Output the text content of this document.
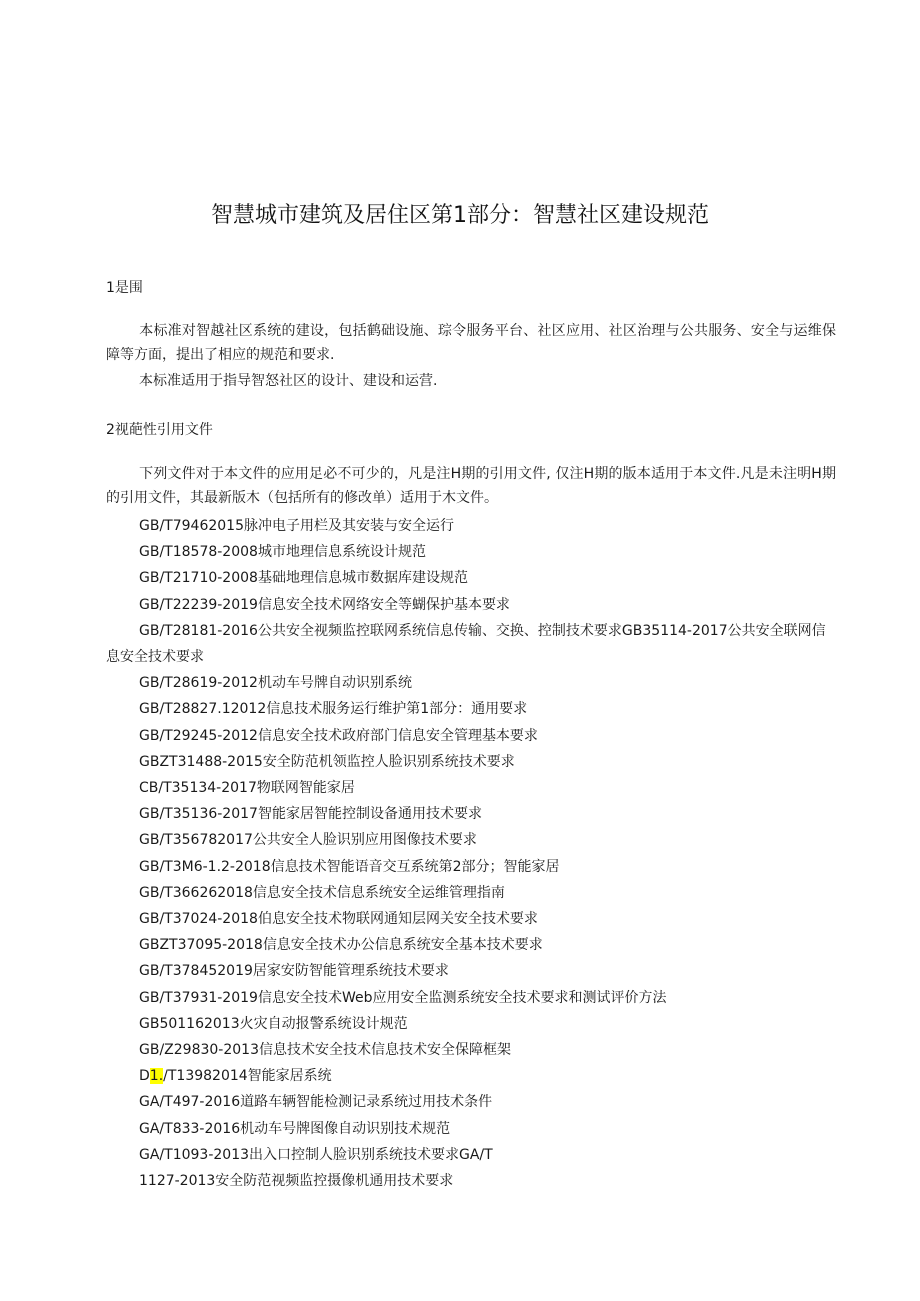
智慧城市建筑及居住区第1部分：智慧社区建设规范
1是围
本标准对智越社区系统的建设，包括鹤础设施、琮令服务平台、社区应用、社区治理与公共服务、安全与运维保障等方面，提出了相应的规范和要求.
本标准适用于指导智怒社区的设计、建设和运营.
2视葩性引用文件
下列文件对于本文件的应用足必不可少的，凡是注H期的引用文件, 仅注H期的版本适用于本文件.凡是未注明H期的引用文件，其最新版木（包括所有的修改单）适用于木文件。
GB/T79462015脉冲电子用栏及其安装与安全运行
GB/T18578-2008城市地理信息系统设计规范
GB/T21710-2008基础地理信息城市数据库建设规范
GB/T22239-2019信息安全技术网络安全等蝴保护基本要求
GB/T28181-2016公共安全视频监控联网系统信息传输、交换、控制技术要求GB35114-2017公共安全联网信息安全技术要求
GB/T28619-2012机动车号牌自动识别系统
GB/T28827.12012信息技术服务运行维护第1部分：通用要求
GB/T29245-2012信息安全技术政府部门信息安全管理基本要求
GBZT31488-2015安全防范机领监控人脸识别系统技术要求
CB/T35134-2017物联网智能家居
GB/T35136-2017智能家居智能控制设备通用技术要求
GB/T356782017公共安全人脸识别应用图像技术要求
GB/T3M6-1.2-2018信息技术智能语音交互系统第2部分；智能家居
GB/T366262018信息安全技术信息系统安全运维管理指南
GB/T37024-2018伯息安全技术物联网通知层网关安全技术要求
GBZT37095-2018信息安全技术办公信息系统安全基本技术要求
GB/T378452019居家安防智能管理系统技术要求
GB/T37931-2019信息安全技术Web应用安全监测系统安全技术要求和测试评价方法
GB501162013火灾自动报警系统设计规范
GB/Z29830-2013信息技术安全技术信息技术安全保障框架
D1./T13982014智能家居系统
GA/T497-2016道路车辆智能检测记录系统过用技术条件
GA/T833-2016机动车号牌图像自动识别技术规范
GA/T1093-2013出入口控制人脸识别系统技术要求GA/T
1127-2013安全防范视频监控摄像机通用技术要求
